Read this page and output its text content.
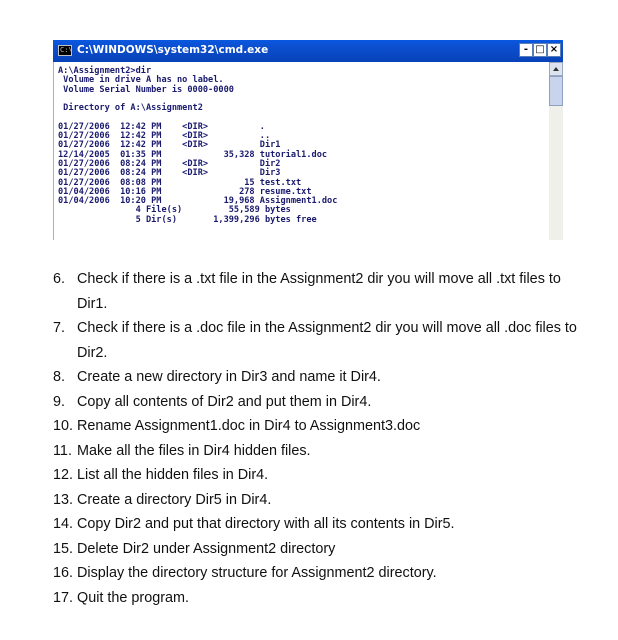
C:\ C:\WINDOWS\system32\cmd.exe	- □ ×
A:\Assignment2>dir
Volume in drive A has no label.
Volume Serial Number is 0000-0000
Directory of A:\Assignment2
01/27/2006  12:42 PM    <DIR>          .
01/27/2006  12:42 PM    <DIR>          ..
01/27/2006  12:42 PM    <DIR>          Dir1
12/14/2005  01:35 PM            35,328 tutorial1.doc
01/27/2006  08:24 PM    <DIR>          Dir2
01/27/2006  08:24 PM    <DIR>          Dir3
01/27/2006  08:08 PM                15 test.txt
01/04/2006  10:16 PM               278 resume.txt
01/04/2006  10:20 PM            19,968 Assignment1.doc
4 File(s)         55,589 bytes
5 Dir(s)       1,399,296 bytes free
6. Check if there is a .txt file in the Assignment2 dir you will move all .txt files to Dir1.
7. Check if there is a .doc file in the Assignment2 dir you will move all .doc files to Dir2.
8. Create a new directory in Dir3 and name it Dir4.
9. Copy all contents of Dir2 and put them in Dir4.
10. Rename Assignment1.doc in Dir4 to Assignment3.doc
11. Make all the files in Dir4 hidden files.
12. List all the hidden files in Dir4.
13. Create a directory Dir5 in Dir4.
14. Copy Dir2 and put that directory with all its contents in Dir5.
15. Delete Dir2 under Assignment2 directory
16. Display the directory structure for Assignment2 directory.
17. Quit the program.
